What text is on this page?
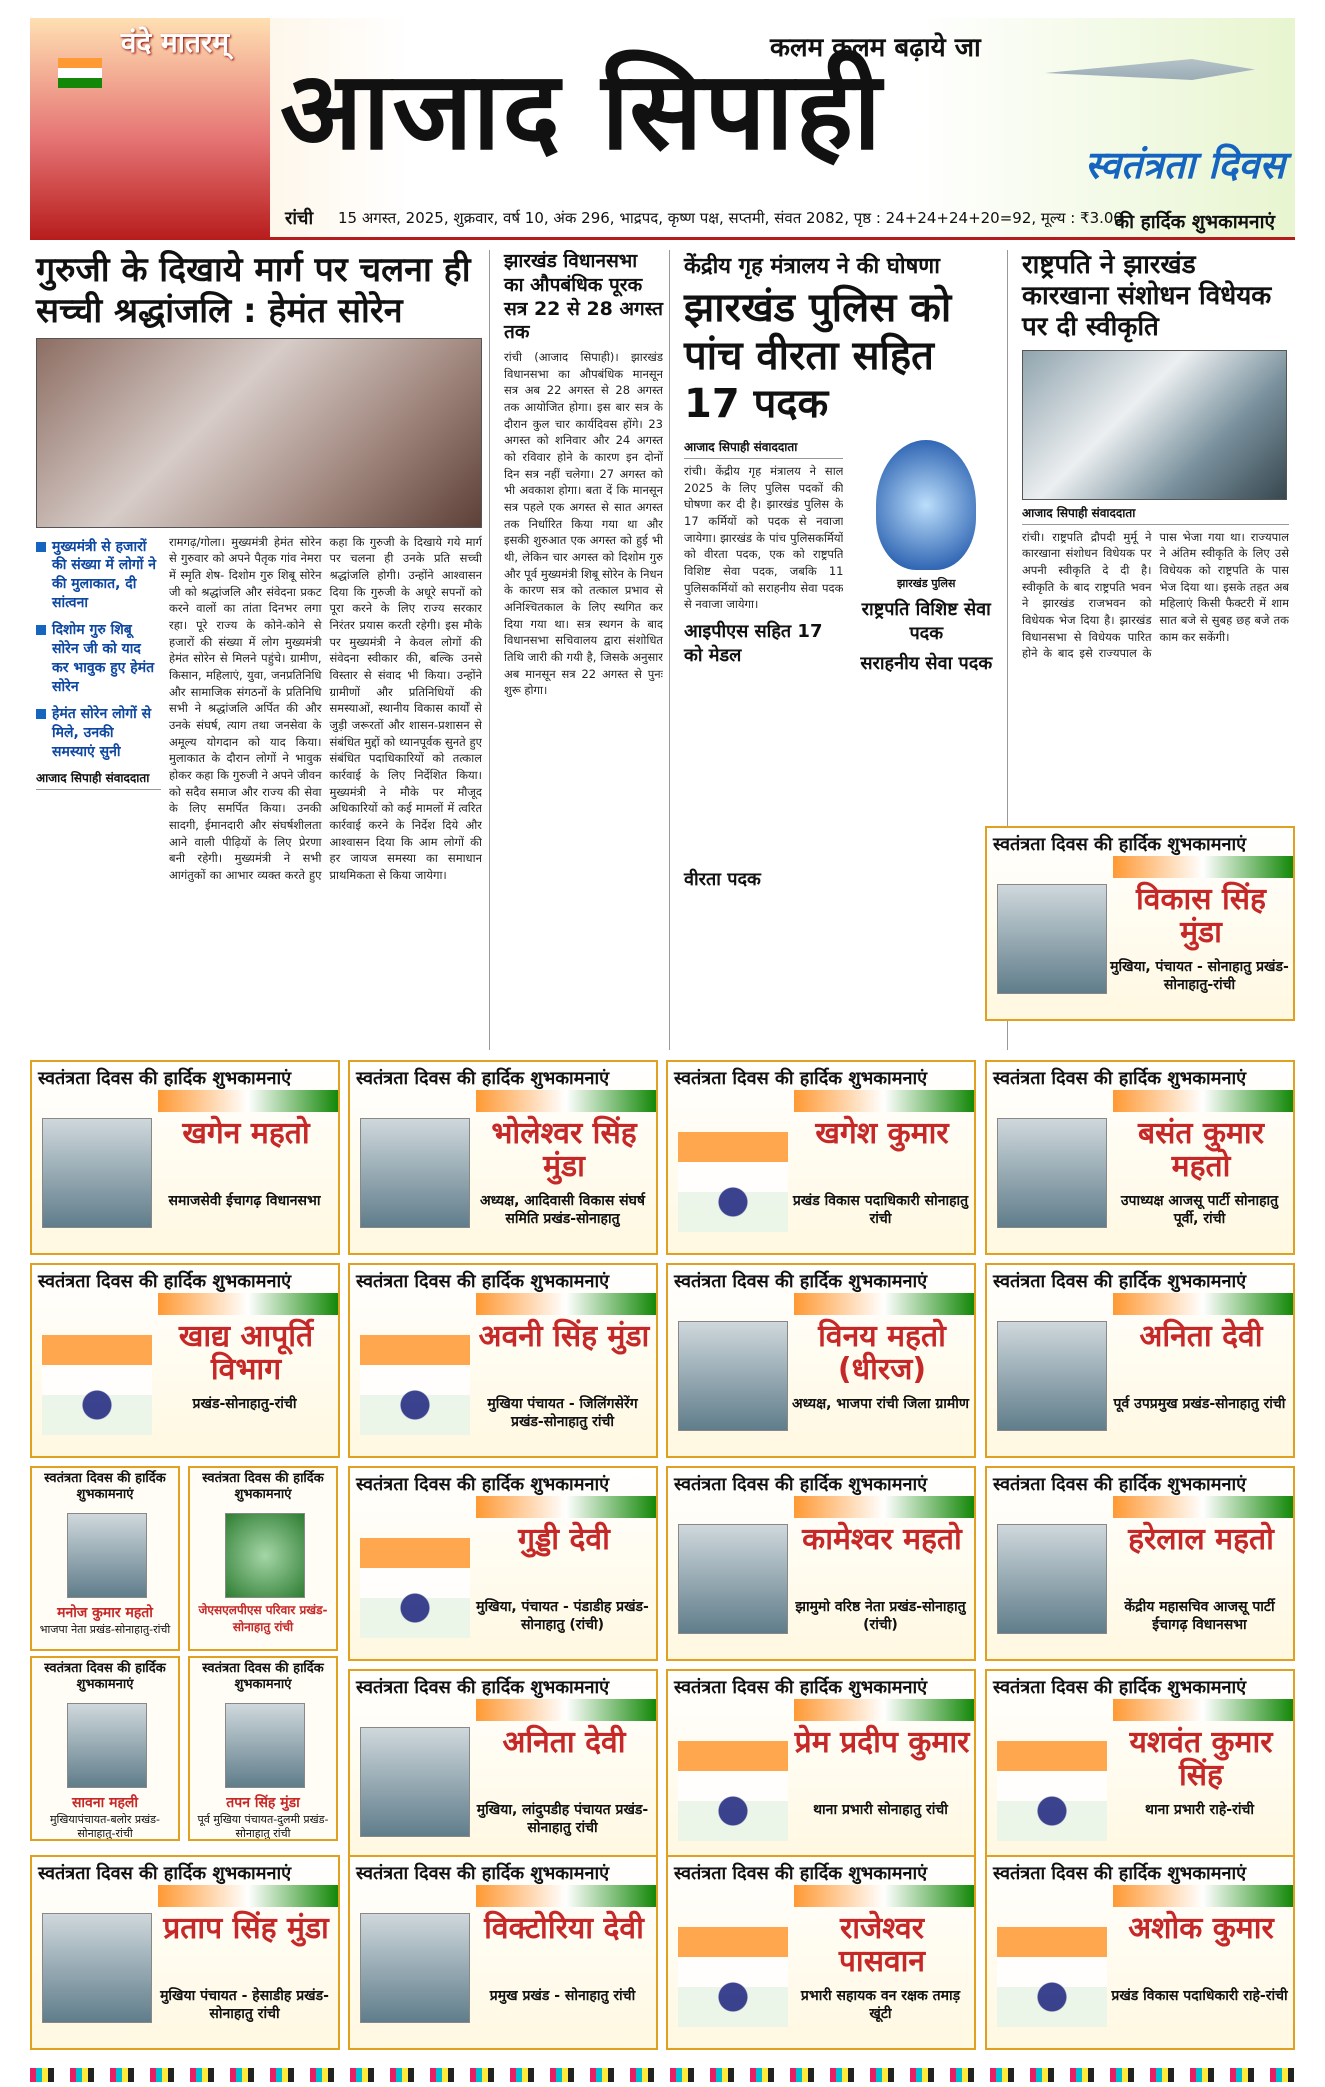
वंदे मातरम्	कलम कलम बढ़ाये जा
आजाद सिपाही
रांची 15 अगस्त, 2025, शुक्रवार, वर्ष 10, अंक 296, भाद्रपद, कृष्ण पक्ष, सप्तमी, संवत 2082, पृष्ठ : 24+24+24+20=92, मूल्य : ₹3.00
स्वतंत्रता दिवस
की हार्दिक शुभकामनाएं
गुरुजी के दिखाये मार्ग पर चलना ही सच्ची श्रद्धांजलि : हेमंत सोरेन
मुख्यमंत्री से हजारों की संख्या में लोगों ने की मुलाकात, दी सांत्वना
दिशोम गुरु शिबू सोरेन जी को याद कर भावुक हुए हेमंत सोरेन
हेमंत सोरेन लोगों से मिले, उनकी समस्याएं सुनी
आजाद सिपाही संवाददाता
रामगढ़/गोला। मुख्यमंत्री हेमंत सोरेन से गुरुवार को अपने पैतृक गांव नेमरा में स्मृति शेष- दिशोम गुरु शिबू सोरेन जी को श्रद्धांजलि और संवेदना प्रकट करने वालों का तांता दिनभर लगा रहा। पूरे राज्य के कोने-कोने से हजारों की संख्या में लोग मुख्यमंत्री हेमंत सोरेन से मिलने पहुंचे। ग्रामीण, किसान, महिलाएं, युवा, जनप्रतिनिधि और सामाजिक संगठनों के प्रतिनिधि सभी ने श्रद्धांजलि अर्पित की और उनके संघर्ष, त्याग तथा जनसेवा के अमूल्य योगदान को याद किया। मुलाकात के दौरान लोगों ने भावुक होकर कहा कि गुरुजी ने अपने जीवन को सदैव समाज और राज्य की सेवा के लिए समर्पित किया। उनकी सादगी, ईमानदारी और संघर्षशीलता आने वाली पीढ़ियों के लिए प्रेरणा बनी रहेगी। मुख्यमंत्री ने सभी आगंतुकों का आभार व्यक्त करते हुए कहा कि गुरुजी के दिखाये गये मार्ग पर चलना ही उनके प्रति सच्ची श्रद्धांजलि होगी। उन्होंने आश्वासन दिया कि गुरुजी के अधूरे सपनों को पूरा करने के लिए राज्य सरकार निरंतर प्रयास करती रहेगी। इस मौके पर मुख्यमंत्री ने केवल लोगों की संवेदना स्वीकार की, बल्कि उनसे विस्तार से संवाद भी किया। उन्होंने ग्रामीणों और प्रतिनिधियों की समस्याओं, स्थानीय विकास कार्यों से जुड़ी जरूरतों और शासन-प्रशासन से संबंधित मुद्दों को ध्यानपूर्वक सुनते हुए संबंधित पदाधिकारियों को तत्काल कार्रवाई के लिए निर्देशित किया। मुख्यमंत्री ने मौके पर मौजूद अधिकारियों को कई मामलों में त्वरित कार्रवाई करने के निर्देश दिये और आश्वासन दिया कि आम लोगों की हर जायज समस्या का समाधान प्राथमिकता से किया जायेगा।
झारखंड विधानसभा का औपबंधिक पूरक सत्र 22 से 28 अगस्त तक
रांची (आजाद सिपाही)। झारखंड विधानसभा का औपबंधिक मानसून सत्र अब 22 अगस्त से 28 अगस्त तक आयोजित होगा। इस बार सत्र के दौरान कुल चार कार्यदिवस होंगे। 23 अगस्त को शनिवार और 24 अगस्त को रविवार होने के कारण इन दोनों दिन सत्र नहीं चलेगा। 27 अगस्त को भी अवकाश होगा। बता दें कि मानसून सत्र पहले एक अगस्त से सात अगस्त तक निर्धारित किया गया था और इसकी शुरुआत एक अगस्त को हुई भी थी, लेकिन चार अगस्त को दिशोम गुरु और पूर्व मुख्यमंत्री शिबू सोरेन के निधन के कारण सत्र को तत्काल प्रभाव से अनिश्चितकाल के लिए स्थगित कर दिया गया था। सत्र स्थगन के बाद विधानसभा सचिवालय द्वारा संशोधित तिथि जारी की गयी है, जिसके अनुसार अब मानसून सत्र 22 अगस्त से पुनः शुरू होगा।
केंद्रीय गृह मंत्रालय ने की घोषणा
झारखंड पुलिस को पांच वीरता सहित 17 पदक
आजाद सिपाही संवाददाता
रांची। केंद्रीय गृह मंत्रालय ने साल 2025 के लिए पुलिस पदकों की घोषणा कर दी है। झारखंड पुलिस के 17 कर्मियों को पदक से नवाजा जायेगा। झारखंड के पांच पुलिसकर्मियों को वीरता पदक, एक को राष्ट्रपति विशिष्ट सेवा पदक, जबकि 11 पुलिसकर्मियों को सराहनीय सेवा पदक से नवाजा जायेगा।
आइपीएस सहित 17 को मेडल
वीरता पदक
झारखंड पुलिस
राष्ट्रपति विशिष्ट सेवा पदक
सराहनीय सेवा पदक
राष्ट्रपति ने झारखंड कारखाना संशोधन विधेयक पर दी स्वीकृति
आजाद सिपाही संवाददाता
रांची। राष्ट्रपति द्रौपदी मुर्मू ने कारखाना संशोधन विधेयक पर अपनी स्वीकृति दे दी है। स्वीकृति के बाद राष्ट्रपति भवन ने झारखंड राजभवन को विधेयक भेज दिया है। झारखंड विधानसभा से विधेयक पारित होने के बाद इसे राज्यपाल के पास भेजा गया था। राज्यपाल ने अंतिम स्वीकृति के लिए उसे विधेयक को राष्ट्रपति के पास भेज दिया था। इसके तहत अब महिलाएं किसी फैक्टरी में शाम सात बजे से सुबह छह बजे तक काम कर सकेंगी।
स्वतंत्रता दिवस की हार्दिक शुभकामनाएं
विकास सिंह मुंडा
मुखिया, पंचायत - सोनाहातु प्रखंड-सोनाहातु-रांची
स्वतंत्रता दिवस की हार्दिक शुभकामनाएं
खगेन महतो
समाजसेवी ईचागढ़ विधानसभा
स्वतंत्रता दिवस की हार्दिक शुभकामनाएं
भोलेश्वर सिंह मुंडा
अध्यक्ष, आदिवासी विकास संघर्ष समिति प्रखंड-सोनाहातु
स्वतंत्रता दिवस की हार्दिक शुभकामनाएं
खगेश कुमार
प्रखंड विकास पदाधिकारी सोनाहातु रांची
स्वतंत्रता दिवस की हार्दिक शुभकामनाएं
बसंत कुमार महतो
उपाध्यक्ष आजसू पार्टी सोनाहातु पूर्वी, रांची
स्वतंत्रता दिवस की हार्दिक शुभकामनाएं
खाद्य आपूर्ति विभाग
प्रखंड-सोनाहातु-रांची
स्वतंत्रता दिवस की हार्दिक शुभकामनाएं
अवनी सिंह मुंडा
मुखिया पंचायत - जिलिंगसेरेंग प्रखंड-सोनाहातु रांची
स्वतंत्रता दिवस की हार्दिक शुभकामनाएं
विनय महतो (धीरज)
अध्यक्ष, भाजपा रांची जिला ग्रामीण
स्वतंत्रता दिवस की हार्दिक शुभकामनाएं
अनिता देवी
पूर्व उपप्रमुख प्रखंड-सोनाहातु रांची
स्वतंत्रता दिवस की हार्दिक शुभकामनाएं
मनोज कुमार महतो
भाजपा नेता प्रखंड-सोनाहातु-रांची
स्वतंत्रता दिवस की हार्दिक शुभकामनाएं
जेएसएलपीएस परिवार प्रखंड-सोनाहातु रांची
स्वतंत्रता दिवस की हार्दिक शुभकामनाएं
गुड्डी देवी
मुखिया, पंचायत - पंडाडीह प्रखंड-सोनाहातु (रांची)
स्वतंत्रता दिवस की हार्दिक शुभकामनाएं
कामेश्वर महतो
झामुमो वरिष्ठ नेता प्रखंड-सोनाहातु (रांची)
स्वतंत्रता दिवस की हार्दिक शुभकामनाएं
हरेलाल महतो
केंद्रीय महासचिव आजसू पार्टी ईचागढ़ विधानसभा
स्वतंत्रता दिवस की हार्दिक शुभकामनाएं
सावना महली
मुखियापंचायत-बलोर प्रखंड-सोनाहातु-रांची
स्वतंत्रता दिवस की हार्दिक शुभकामनाएं
तपन सिंह मुंडा
पूर्व मुखिया पंचायत-दुलमी प्रखंड-सोनाहातु रांची
स्वतंत्रता दिवस की हार्दिक शुभकामनाएं
अनिता देवी
मुखिया, लांदुपडीह पंचायत प्रखंड-सोनाहातु रांची
स्वतंत्रता दिवस की हार्दिक शुभकामनाएं
प्रेम प्रदीप कुमार
थाना प्रभारी सोनाहातु रांची
स्वतंत्रता दिवस की हार्दिक शुभकामनाएं
यशवंत कुमार सिंह
थाना प्रभारी राहे-रांची
स्वतंत्रता दिवस की हार्दिक शुभकामनाएं
प्रताप सिंह मुंडा
मुखिया पंचायत - हेसाडीह प्रखंड-सोनाहातु रांची
स्वतंत्रता दिवस की हार्दिक शुभकामनाएं
विक्टोरिया देवी
प्रमुख प्रखंड - सोनाहातु रांची
स्वतंत्रता दिवस की हार्दिक शुभकामनाएं
राजेश्वर पासवान
प्रभारी सहायक वन रक्षक तमाड़ खूंटी
स्वतंत्रता दिवस की हार्दिक शुभकामनाएं
अशोक कुमार
प्रखंड विकास पदाधिकारी राहे-रांची
